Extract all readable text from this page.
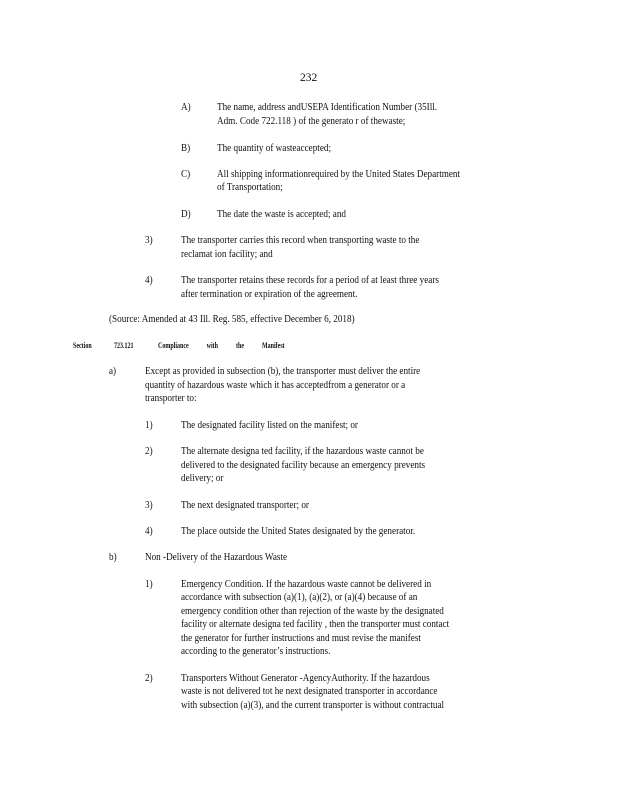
232
A)	The name, address andUSEPA Identification Number (35Ill.
Adm. Code 722.118 ) of the generato r of thewaste;
B)	The quantity of wasteaccepted;
C)	All shipping informationrequired by the United States Department
of Transportation;
D)	The date the waste is accepted; and
3)	The transporter carries this record when transporting waste to the
reclamat ion facility; and
4)	The transporter retains these records for a period of at least three years
after termination or expiration of the agreement.
(Source: Amended at 43 Ill. Reg. 585, effective December 6, 2018)
Section	723.121	Compliance with the Manifest
a)	Except as provided in subsection (b), the transporter must deliver the entire
quantity of hazardous waste which it has acceptedfrom a generator or a
transporter to:
1)	The designated facility listed on the manifest; or
2)	The alternate designa ted facility, if the hazardous waste cannot be
delivered to the designated facility because an emergency prevents
delivery; or
3)	The next designated transporter; or
4)	The place outside the United States designated by the generator.
b)	Non -Delivery of the Hazardous Waste
1)	Emergency Condition. If the hazardous waste cannot be delivered in
accordance with subsection (a)(1), (a)(2), or (a)(4) because of an
emergency condition other than rejection of the waste by the designated
facility or alternate designa ted facility , then the transporter must contact
the generator for further instructions and must revise the manifest
according to the generator’s instructions.
2)	Transporters Without Generator -AgencyAuthority. If the hazardous
waste is not delivered tot he next designated transporter in accordance
with subsection (a)(3), and the current transporter is without contractual
